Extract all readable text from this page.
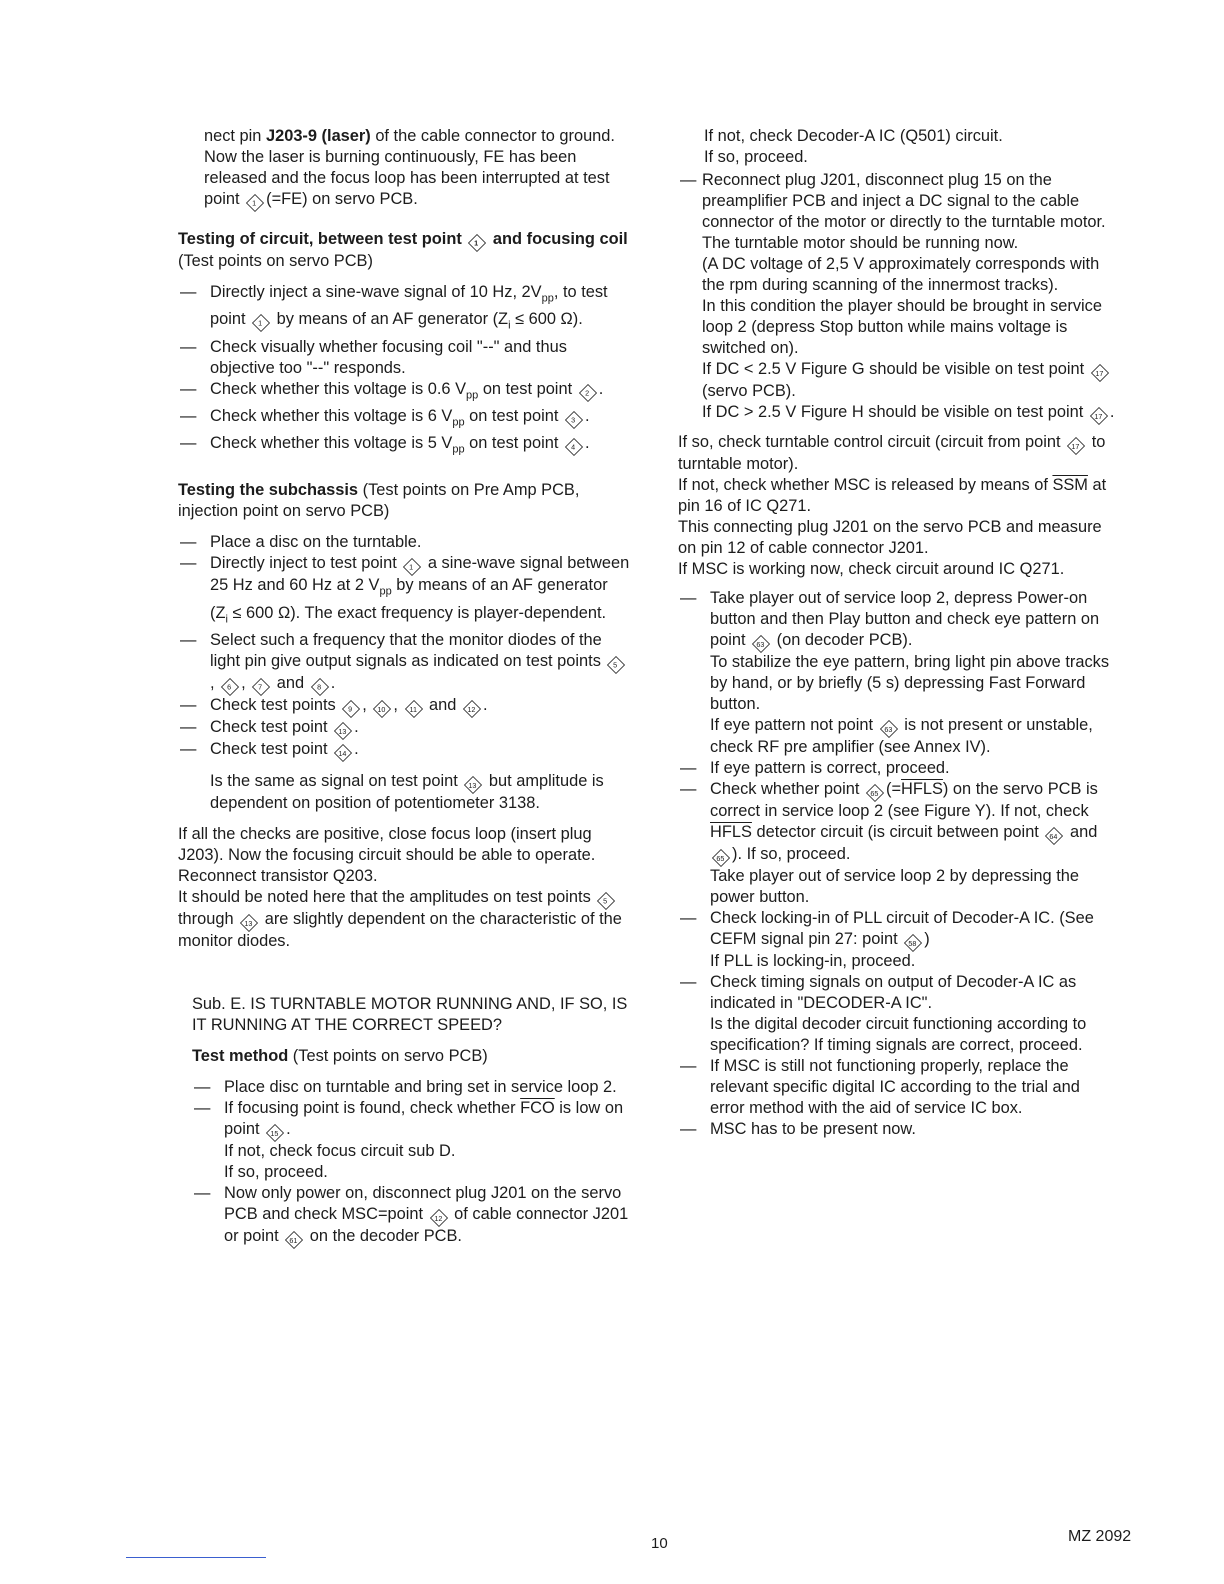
nect pin J203-9 (laser) of the cable connector to ground.

Now the laser is burning continuously, FE has been released and the focus loop has been interrupted at test point 1 (=FE) on servo PCB.

Testing of circuit, between test point 1 and focusing coil

(Test points on servo PCB)

— Directly inject a sine-wave signal of 10 Hz, $2V_{pp}$, to test point 1 by means of an AF generator ($Z_i \le 600$ Ω).
— Check visually whether focusing coil "--" and thus objective too "--" responds.
— Check whether this voltage is 0.6 $V_{pp}$ on test point 2 .
— Check whether this voltage is 6 $V_{pp}$ on test point 3 .
— Check whether this voltage is 5 $V_{pp}$ on test point 4 .

Testing the subchassis (Test points on Pre Amp PCB, injection point on servo PCB)

— Place a disc on the turntable.
— Directly inject to test point 1 a sine-wave signal between 25 Hz and 60 Hz at 2 $V_{pp}$ by means of an AF generator ($Z_i \le 600$ Ω). The exact frequency is player-dependent.
— Select such a frequency that the monitor diodes of the light pin give output signals as indicated on test points 5, 6 , 7 and 8 .
— Check test points 9 , 10 , 11 and 12 .
— Check test point 13 .
— Check test point 14 .

Is the same as signal on test point 13 but amplitude is dependent on position of potentiometer 3138.

If all the checks are positive, close focus loop (insert plug J203). Now the focusing circuit should be able to operate. Reconnect transistor Q203.

It should be noted here that the amplitudes on test points 5 through 13 are slightly dependent on the characteristic of the monitor diodes.

Sub. E. IS TURNTABLE MOTOR RUNNING AND, IF SO, IS IT RUNNING AT THE CORRECT SPEED?

Test method (Test points on servo PCB)

— Place disc on turntable and bring set in service loop 2.
— If focusing point is found, check whether $\overline{FCO}$ is low on point 15 .
If not, check focus circuit sub D.
If so, proceed.
— Now only power on, disconnect plug J201 on the servo PCB and check MSC=point 12 of cable connector J201 or point 61 on the decoder PCB.

If not, check Decoder-A IC (Q501) circuit.

If so, proceed.

— Reconnect plug J201, disconnect plug 15 on the preamplifier PCB and inject a DC signal to the cable connector of the motor or directly to the turntable motor.
The turntable motor should be running now.
(A DC voltage of 2,5 V approximately corresponds with the rpm during scanning of the innermost tracks).
In this condition the player should be brought in service loop 2 (depress Stop button while mains voltage is switched on).
If DC < 2.5 V Figure G should be visible on test point 17 (servo PCB).
If DC > 2.5 V Figure H should be visible on test point 17 .

If so, check turntable control circuit (circuit from point 17 to turntable motor).

If not, check whether MSC is released by means of $\overline{SSM}$ at pin 16 of IC Q271.

This connecting plug J201 on the servo PCB and measure on pin 12 of cable connector J201.

If MSC is working now, check circuit around IC Q271.

— Take player out of service loop 2, depress Power-on button and then Play button and check eye pattern on point 63 (on decoder PCB).
To stabilize the eye pattern, bring light pin above tracks by hand, or by briefly (5 s) depressing Fast Forward button.
If eye pattern not point 63 is not present or unstable, check RF pre amplifier (see Annex IV).
— If eye pattern is correct, proceed.
— Check whether point 65 (=HFLS) on the servo PCB is correct in service loop 2 (see Figure Y). If not, check HFLS detector circuit (is circuit between point 64 and 65 ). If so, proceed.
Take player out of service loop 2 by depressing the power button.
— Check locking-in of PLL circuit of Decoder-A IC. (See CEFM signal pin 27: point 58 )
If PLL is locking-in, proceed.
— Check timing signals on output of Decoder-A IC as indicated in "DECODER-A IC".
Is the digital decoder circuit functioning according to specification? If timing signals are correct, proceed.
— If MSC is still not functioning properly, replace the relevant specific digital IC according to the trial and error method with the aid of service IC box.
— MSC has to be present now.
10	MZ 2092
